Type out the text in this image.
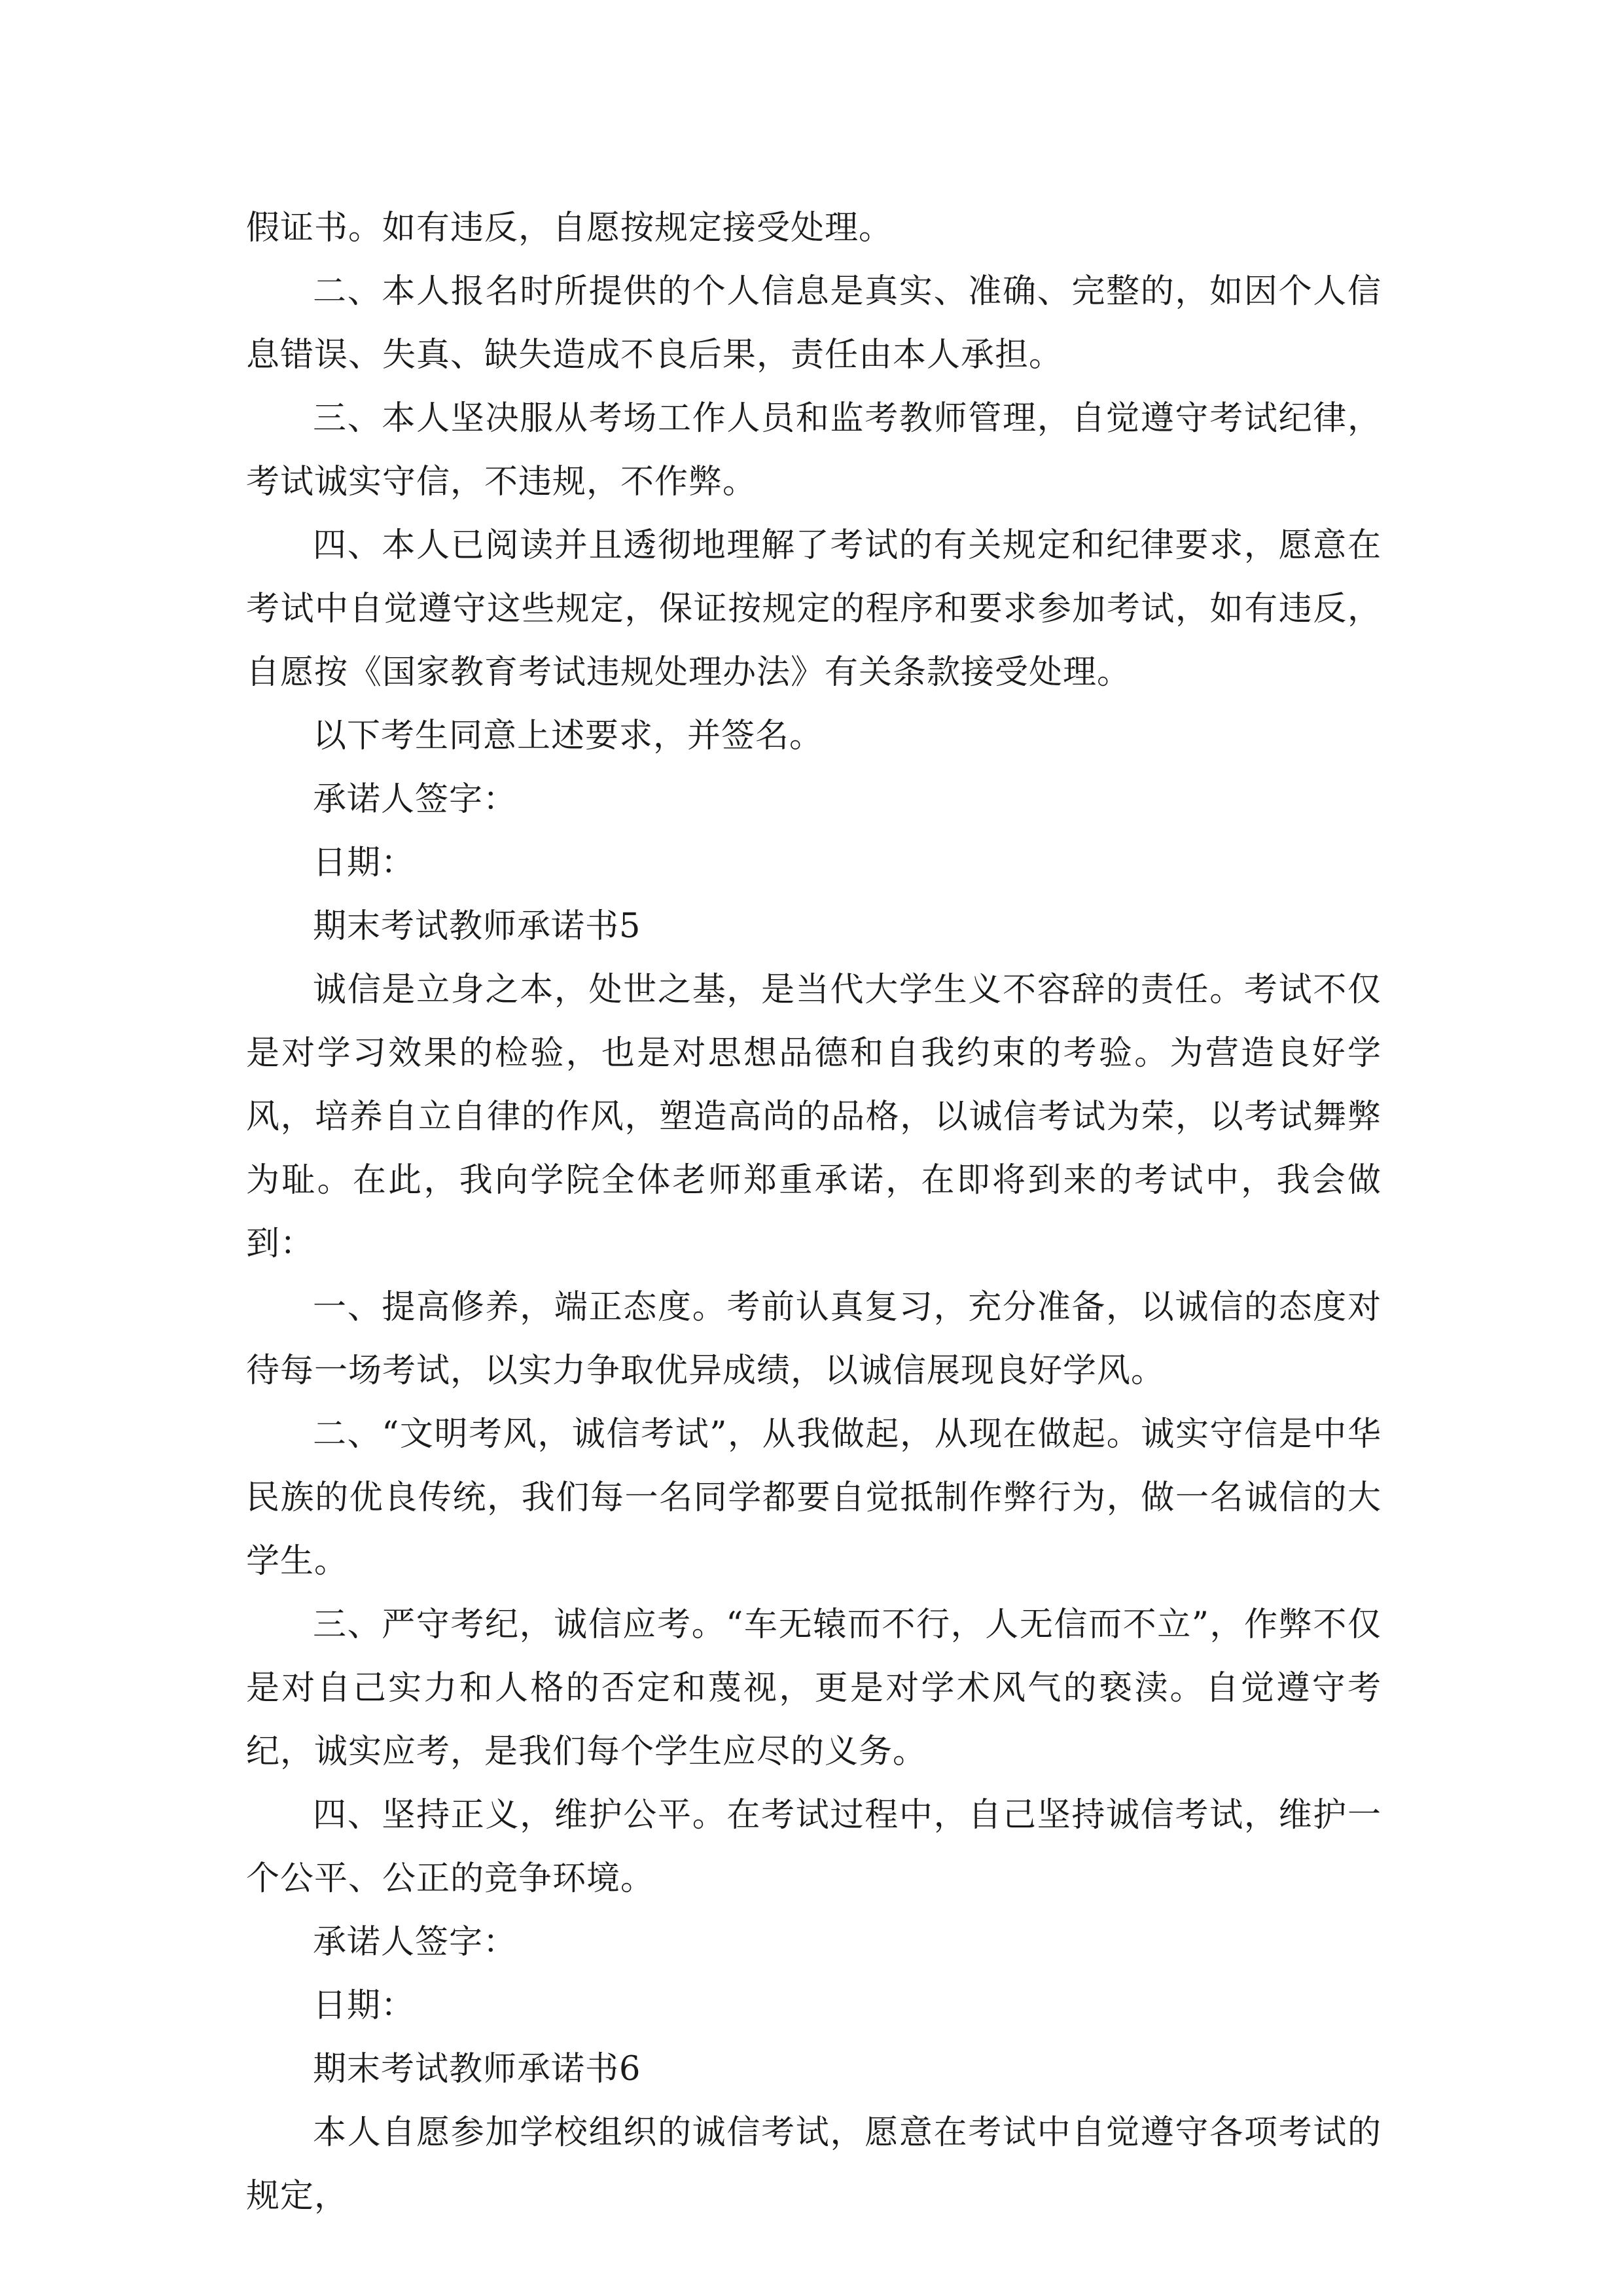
假证书。如有违反，自愿按规定接受处理。

二、本人报名时所提供的个人信息是真实、准确、完整的，如因个人信息错误、失真、缺失造成不良后果，责任由本人承担。

三、本人坚决服从考场工作人员和监考教师管理，自觉遵守考试纪律，考试诚实守信，不违规，不作弊。

四、本人已阅读并且透彻地理解了考试的有关规定和纪律要求，愿意在考试中自觉遵守这些规定，保证按规定的程序和要求参加考试，如有违反，自愿按《国家教育考试违规处理办法》有关条款接受处理。

以下考生同意上述要求，并签名。

承诺人签字：

日期：

期末考试教师承诺书5

诚信是立身之本，处世之基，是当代大学生义不容辞的责任。考试不仅是对学习效果的检验，也是对思想品德和自我约束的考验。为营造良好学风，培养自立自律的作风，塑造高尚的品格，以诚信考试为荣，以考试舞弊为耻。在此，我向学院全体老师郑重承诺，在即将到来的考试中，我会做到：

一、提高修养，端正态度。考前认真复习，充分准备，以诚信的态度对待每一场考试，以实力争取优异成绩，以诚信展现良好学风。

二、“文明考风，诚信考试”，从我做起，从现在做起。诚实守信是中华民族的优良传统，我们每一名同学都要自觉抵制作弊行为，做一名诚信的大学生。

三、严守考纪，诚信应考。“车无辕而不行，人无信而不立”，作弊不仅是对自己实力和人格的否定和蔑视，更是对学术风气的亵渎。自觉遵守考纪，诚实应考，是我们每个学生应尽的义务。

四、坚持正义，维护公平。在考试过程中，自己坚持诚信考试，维护一个公平、公正的竞争环境。

承诺人签字：

日期：

期末考试教师承诺书6

本人自愿参加学校组织的诚信考试，愿意在考试中自觉遵守各项考试的规定，
